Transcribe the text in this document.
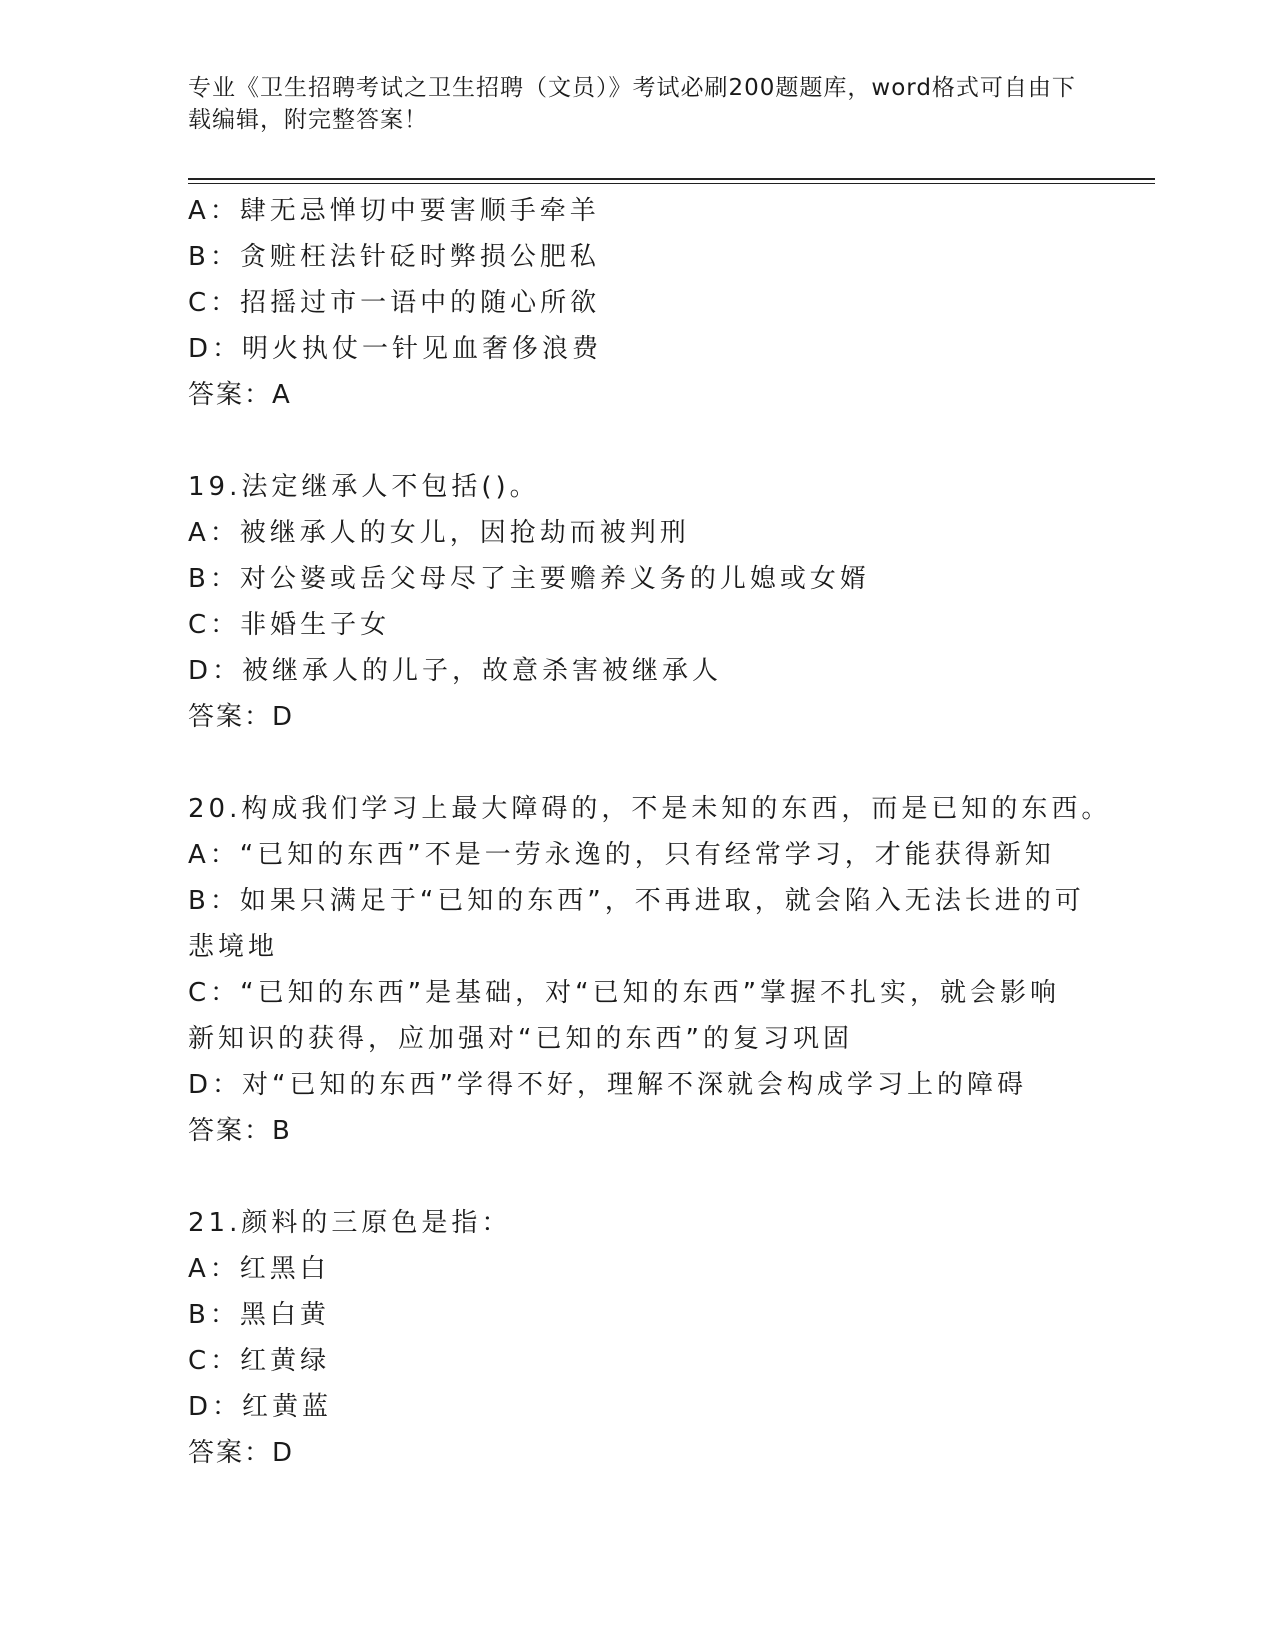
专业《卫生招聘考试之卫生招聘（文员）》考试必刷200题题库，word格式可自由下载编辑，附完整答案！
A：肆无忌惮切中要害顺手牵羊
B：贪赃枉法针砭时弊损公肥私
C：招摇过市一语中的随心所欲
D：明火执仗一针见血奢侈浪费
答案：A
19.法定继承人不包括()。
A：被继承人的女儿，因抢劫而被判刑
B：对公婆或岳父母尽了主要赡养义务的儿媳或女婿
C：非婚生子女
D：被继承人的儿子，故意杀害被继承人
答案：D
20.构成我们学习上最大障碍的，不是未知的东西，而是已知的东西。
A：“已知的东西”不是一劳永逸的，只有经常学习，才能获得新知
B：如果只满足于“已知的东西”，不再进取，就会陷入无法长进的可悲境地
C：“已知的东西”是基础，对“已知的东西”掌握不扎实，就会影响新知识的获得，应加强对“已知的东西”的复习巩固
D：对“已知的东西”学得不好，理解不深就会构成学习上的障碍
答案：B
21.颜料的三原色是指：
A：红黑白
B：黑白黄
C：红黄绿
D：红黄蓝
答案：D
